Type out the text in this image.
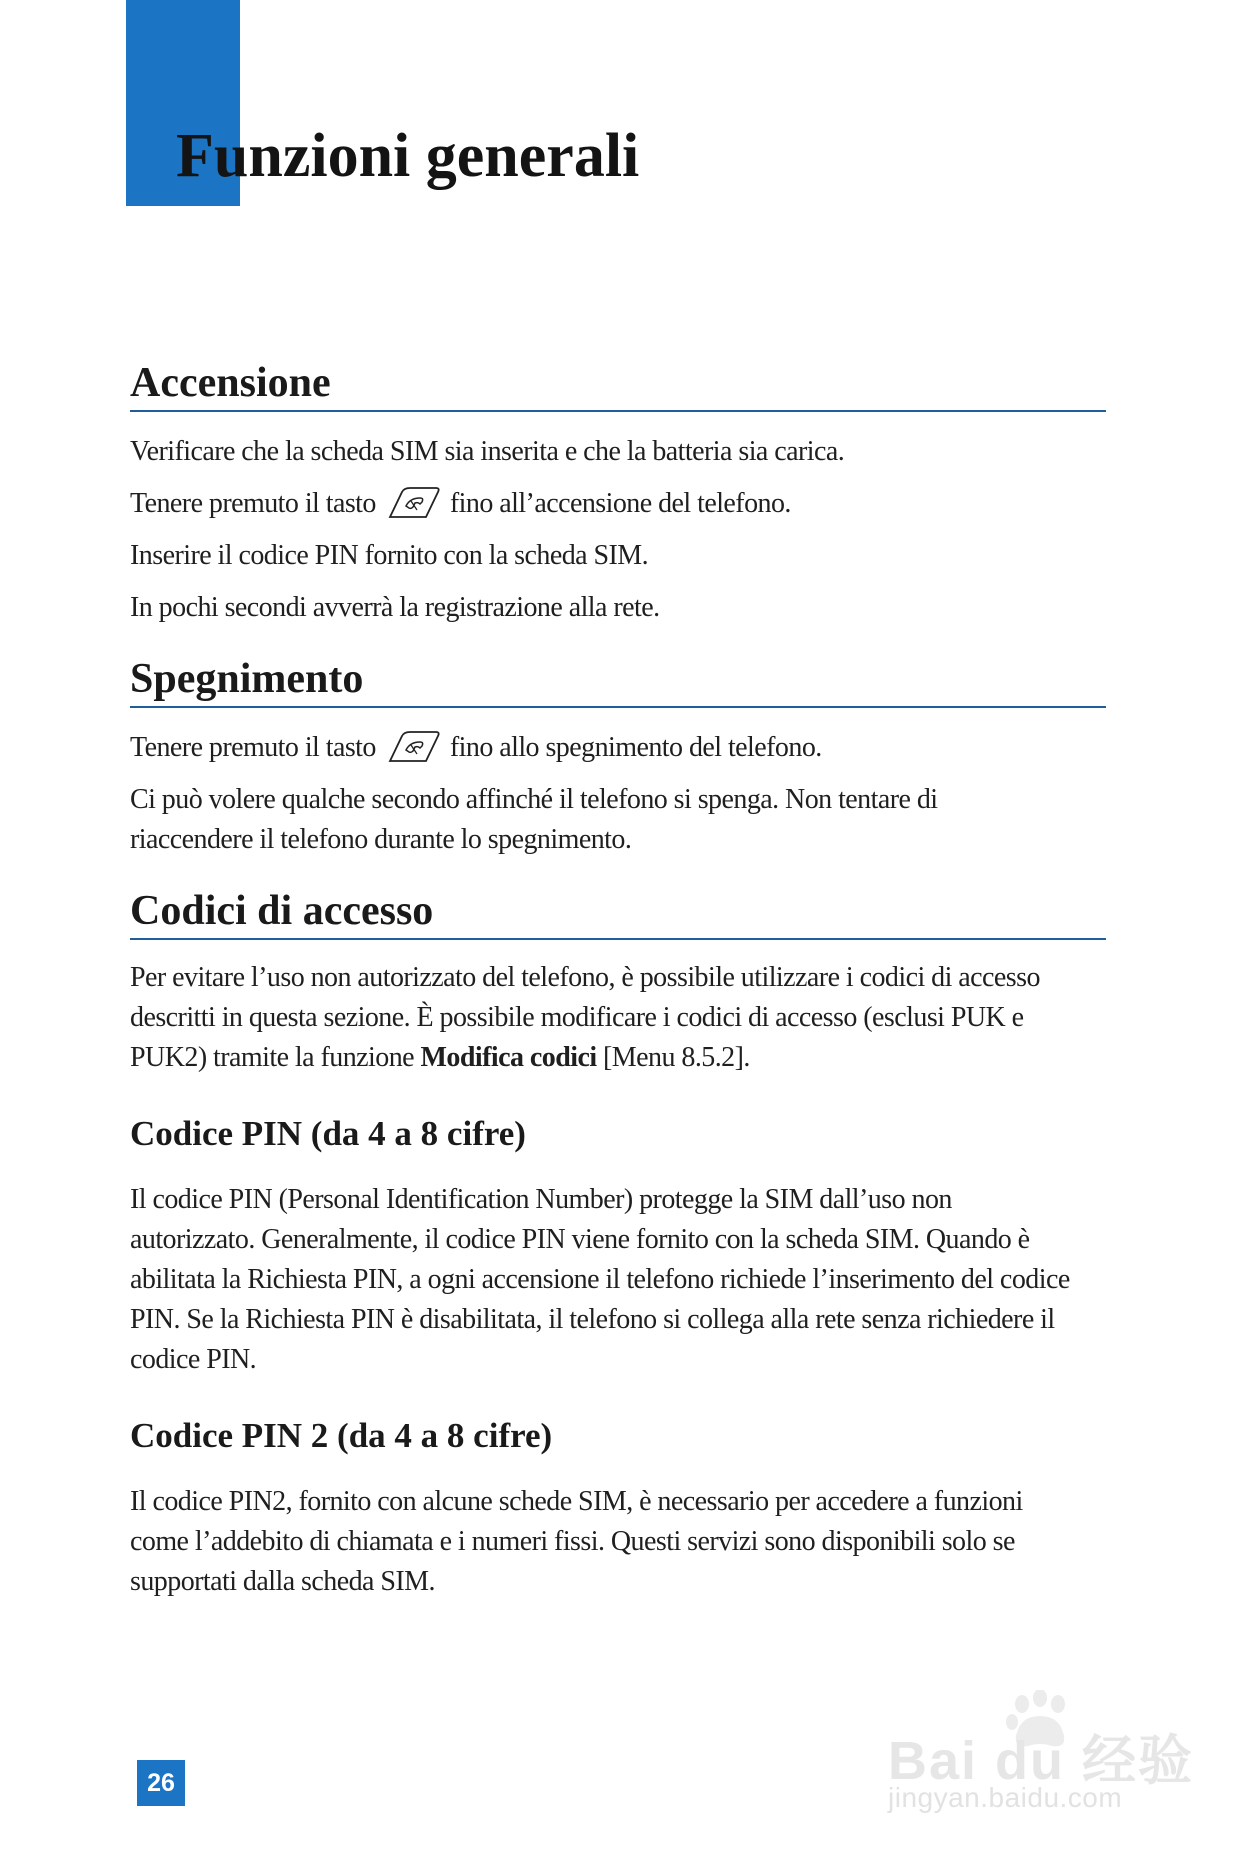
Funzioni generali
Accensione

Verificare che la scheda SIM sia inserita e che la batteria sia carica.

Tenere premuto il tasto	fino all’accensione del telefono.

Inserire il codice PIN fornito con la scheda SIM.

In pochi secondi avverrà la registrazione alla rete.

Spegnimento

Tenere premuto il tasto	fino allo spegnimento del telefono.

Ci può volere qualche secondo affinché il telefono si spenga. Non tentare di riaccendere il telefono durante lo spegnimento.

Codici di accesso

Per evitare l’uso non autorizzato del telefono, è possibile utilizzare i codici di accesso descritti in questa sezione. È possibile modificare i codici di accesso (esclusi PUK e PUK2) tramite la funzione Modifica codici [Menu 8.5.2].

Codice PIN (da 4 a 8 cifre)

Il codice PIN (Personal Identification Number) protegge la SIM dall’uso non autorizzato. Generalmente, il codice PIN viene fornito con la scheda SIM. Quando è abilitata la Richiesta PIN, a ogni accensione il telefono richiede l’inserimento del codice PIN. Se la Richiesta PIN è disabilitata, il telefono si collega alla rete senza richiedere il codice PIN.

Codice PIN 2 (da 4 a 8 cifre)

Il codice PIN2, fornito con alcune schede SIM, è necessario per accedere a funzioni come l’addebito di chiamata e i numeri fissi. Questi servizi sono disponibili solo se supportati dalla scheda SIM.

26	Bai du 经验
jingyan.baidu.com
